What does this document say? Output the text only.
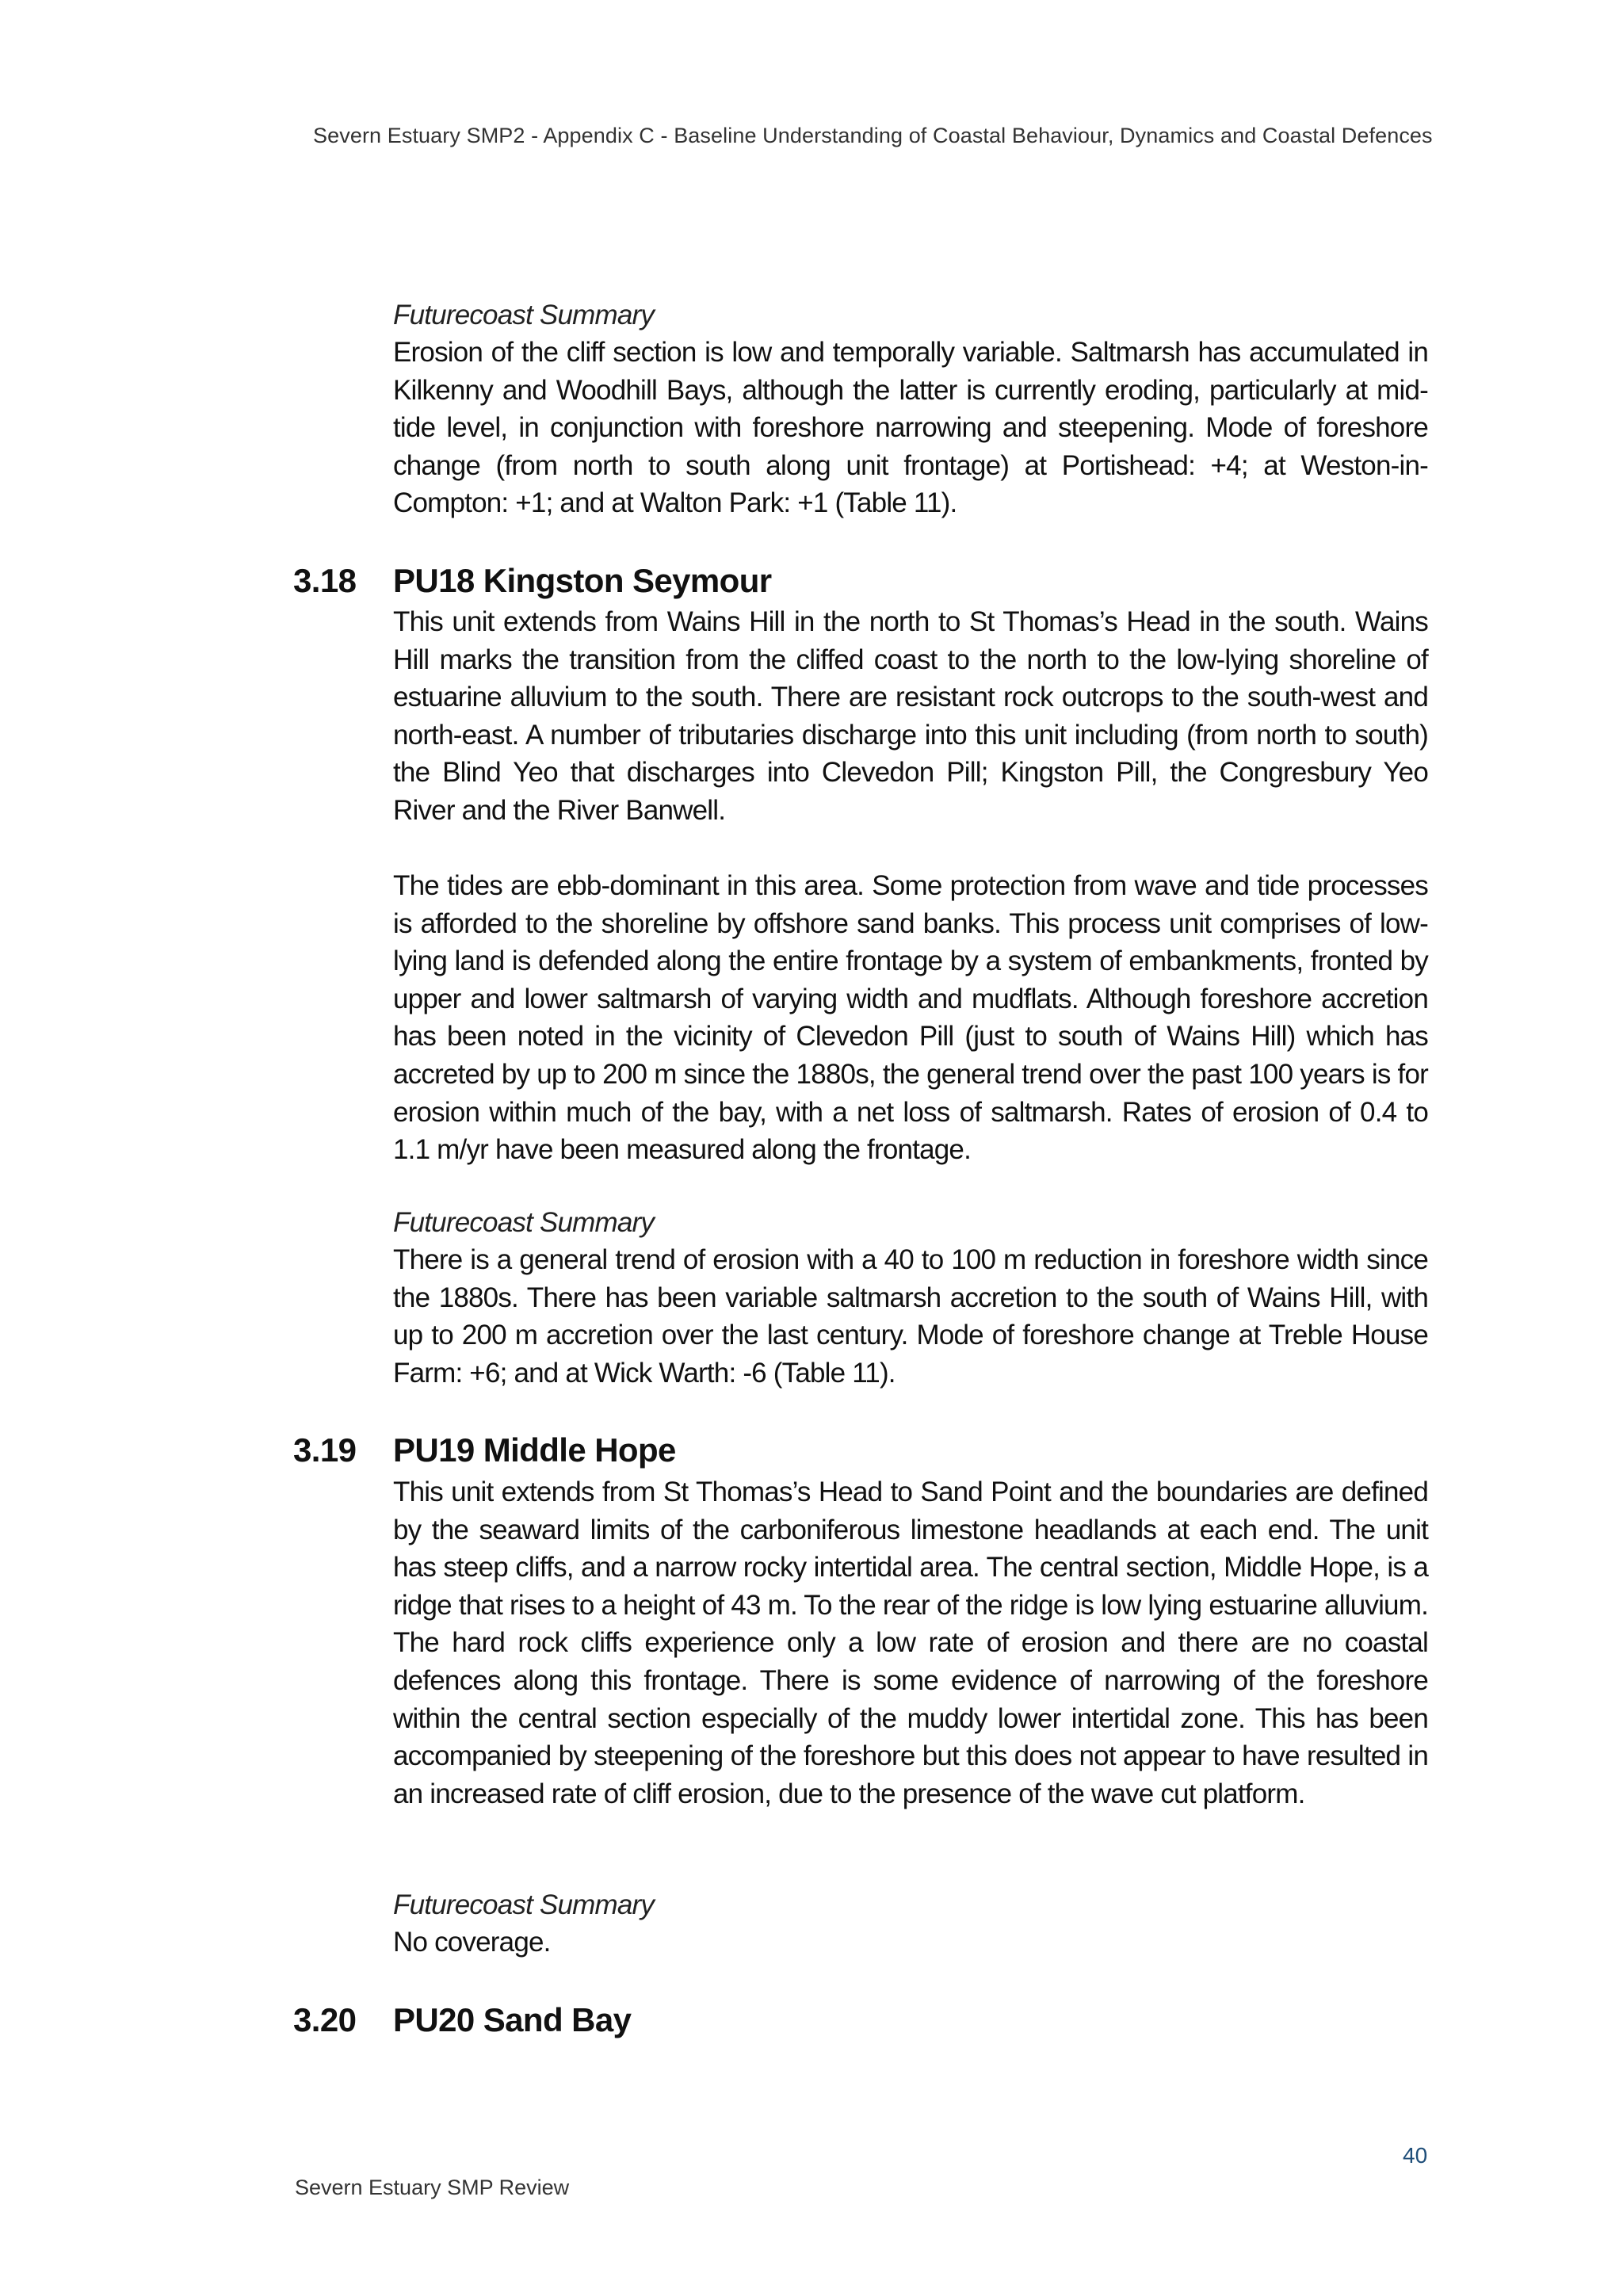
Severn Estuary SMP2 - Appendix C - Baseline Understanding of Coastal Behaviour, Dynamics and Coastal Defences
Futurecoast Summary

Erosion of the cliff section is low and temporally variable. Saltmarsh has accumulated in Kilkenny and Woodhill Bays, although the latter is currently eroding, particularly at mid-tide level, in conjunction with foreshore narrowing and steepening. Mode of foreshore change (from north to south along unit frontage) at Portishead: +4; at Weston-in-Compton: +1; and at Walton Park: +1 (Table 11).

3.18 PU18 Kingston Seymour

This unit extends from Wains Hill in the north to St Thomas’s Head in the south. Wains Hill marks the transition from the cliffed coast to the north to the low-lying shoreline of estuarine alluvium to the south. There are resistant rock outcrops to the south-west and north-east. A number of tributaries discharge into this unit including (from north to south) the Blind Yeo that discharges into Clevedon Pill; Kingston Pill, the Congresbury Yeo River and the River Banwell.

The tides are ebb-dominant in this area. Some protection from wave and tide processes is afforded to the shoreline by offshore sand banks. This process unit comprises of low-lying land is defended along the entire frontage by a system of embankments, fronted by upper and lower saltmarsh of varying width and mudflats. Although foreshore accretion has been noted in the vicinity of Clevedon Pill (just to south of Wains Hill) which has accreted by up to 200 m since the 1880s, the general trend over the past 100 years is for erosion within much of the bay, with a net loss of saltmarsh. Rates of erosion of 0.4 to 1.1 m/yr have been measured along the frontage.

Futurecoast Summary

There is a general trend of erosion with a 40 to 100 m reduction in foreshore width since the 1880s. There has been variable saltmarsh accretion to the south of Wains Hill, with up to 200 m accretion over the last century. Mode of foreshore change at Treble House Farm: +6; and at Wick Warth: -6 (Table 11).

3.19 PU19 Middle Hope

This unit extends from St Thomas’s Head to Sand Point and the boundaries are defined by the seaward limits of the carboniferous limestone headlands at each end. The unit has steep cliffs, and a narrow rocky intertidal area. The central section, Middle Hope, is a ridge that rises to a height of 43 m. To the rear of the ridge is low lying estuarine alluvium. The hard rock cliffs experience only a low rate of erosion and there are no coastal defences along this frontage. There is some evidence of narrowing of the foreshore within the central section especially of the muddy lower intertidal zone. This has been accompanied by steepening of the foreshore but this does not appear to have resulted in an increased rate of cliff erosion, due to the presence of the wave cut platform.

Futurecoast Summary

No coverage.

3.20 PU20 Sand Bay
40
Severn Estuary SMP Review
